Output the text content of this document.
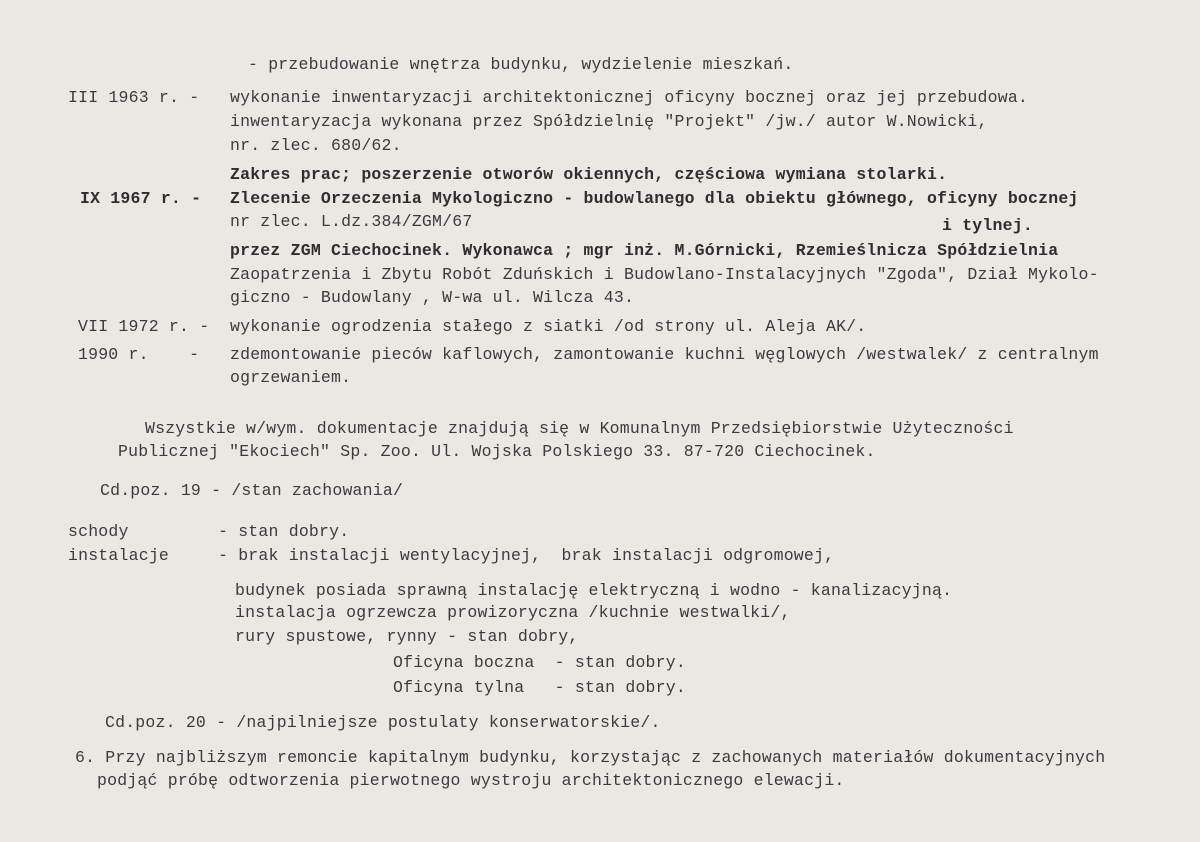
- przebudowanie wnętrza budynku, wydzielenie mieszkań.
III 1963 r. - wykonanie inwentaryzacji architektonicznej oficyny bocznej oraz jej przebudowa.
inwentaryzacja wykonana przez Spółdzielnię "Projekt" /jw./ autor W.Nowicki,
nr. zlec. 680/62.
Zakres prac; poszerzenie otworów okiennych, częściowa wymiana stolarki.
IX 1967 r. - Zlecenie Orzeczenia Mykologiczno - budowlanego dla obiektu głównego, oficyny bocznej
nr zlec. L.dz.384/ZGM/67	i tylnej.
przez ZGM Ciechocinek. Wykonawca ; mgr inż. M.Górnicki, Rzemieślnicza Spółdzielnia
Zaopatrzenia i Zbytu Robót Zduńskich i Budowlano-Instalacyjnych "Zgoda", Dział Mykolo-
giczno - Budowlany , W-wa ul. Wilcza 43.
VII 1972 r. - wykonanie ogrodzenia stałego z siatki /od strony ul. Aleja AK/.
1990 r.    - zdemontowanie pieców kaflowych, zamontowanie kuchni węglowych /westwalek/ z centralnym
ogrzewaniem.
Wszystkie w/wym. dokumentacje znajdują się w Komunalnym Przedsiębiorstwie Użyteczności
Publicznej "Ekociech" Sp. Zoo. Ul. Wojska Polskiego 33. 87-720 Ciechocinek.
Cd.poz. 19 - /stan zachowania/
schody	- stan dobry.
instalacje	- brak instalacji wentylacyjnej,  brak instalacji odgromowej,
budynek posiada sprawną instalację elektryczną i wodno - kanalizacyjną.
instalacja ogrzewcza prowizoryczna /kuchnie westwalki/,
rury spustowe, rynny - stan dobry,
Oficyna boczna  - stan dobry.
Oficyna tylna   - stan dobry.
Cd.poz. 20 - /najpilniejsze postulaty konserwatorskie/.
6. Przy najbliższym remoncie kapitalnym budynku, korzystając z zachowanych materiałów dokumentacyjnych
podjąć próbę odtworzenia pierwotnego wystroju architektonicznego elewacji.
